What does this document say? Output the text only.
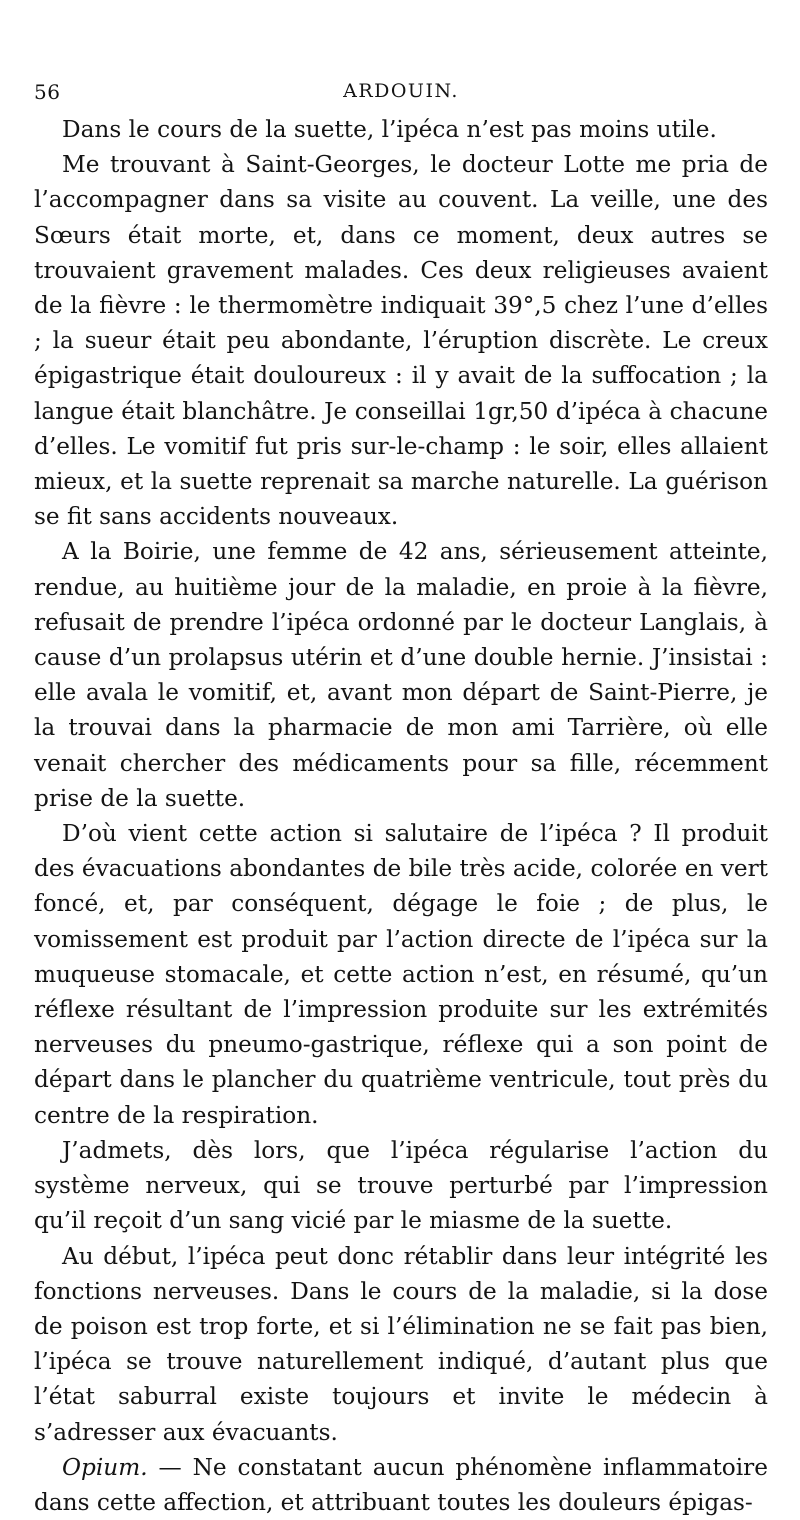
56	ARDOUIN.

Dans le cours de la suette, l’ipéca n’est pas moins utile.

Me trouvant à Saint-Georges, le docteur Lotte me pria de l’accompagner dans sa visite au couvent. La veille, une des Sœurs était morte, et, dans ce moment, deux autres se trouvaient gravement malades. Ces deux religieuses avaient de la fièvre : le thermomètre indiquait 39°,5 chez l’une d’elles ; la sueur était peu abondante, l’éruption discrète. Le creux épigastrique était douloureux : il y avait de la suffocation ; la langue était blanchâtre. Je conseillai 1gr,50 d’ipéca à chacune d’elles. Le vomitif fut pris sur-le-champ : le soir, elles allaient mieux, et la suette reprenait sa marche naturelle. La guérison se fit sans accidents nouveaux.

A la Boirie, une femme de 42 ans, sérieusement atteinte, rendue, au huitième jour de la maladie, en proie à la fièvre, refusait de prendre l’ipéca ordonné par le docteur Langlais, à cause d’un prolapsus utérin et d’une double hernie. J’insistai : elle avala le vomitif, et, avant mon départ de Saint-Pierre, je la trouvai dans la pharmacie de mon ami Tarrière, où elle venait chercher des médicaments pour sa fille, récemment prise de la suette.

D’où vient cette action si salutaire de l’ipéca ? Il produit des évacuations abondantes de bile très acide, colorée en vert foncé, et, par conséquent, dégage le foie ; de plus, le vomissement est produit par l’action directe de l’ipéca sur la muqueuse stomacale, et cette action n’est, en résumé, qu’un réflexe résultant de l’impression produite sur les extrémités nerveuses du pneumo-gastrique, réflexe qui a son point de départ dans le plancher du quatrième ventricule, tout près du centre de la respiration.

J’admets, dès lors, que l’ipéca régularise l’action du système nerveux, qui se trouve perturbé par l’impression qu’il reçoit d’un sang vicié par le miasme de la suette.

Au début, l’ipéca peut donc rétablir dans leur intégrité les fonctions nerveuses. Dans le cours de la maladie, si la dose de poison est trop forte, et si l’élimination ne se fait pas bien, l’ipéca se trouve naturellement indiqué, d’autant plus que l’état saburral existe toujours et invite le médecin à s’adresser aux évacuants.

Opium. — Ne constatant aucun phénomène inflammatoire dans cette affection, et attribuant toutes les douleurs épigas-
